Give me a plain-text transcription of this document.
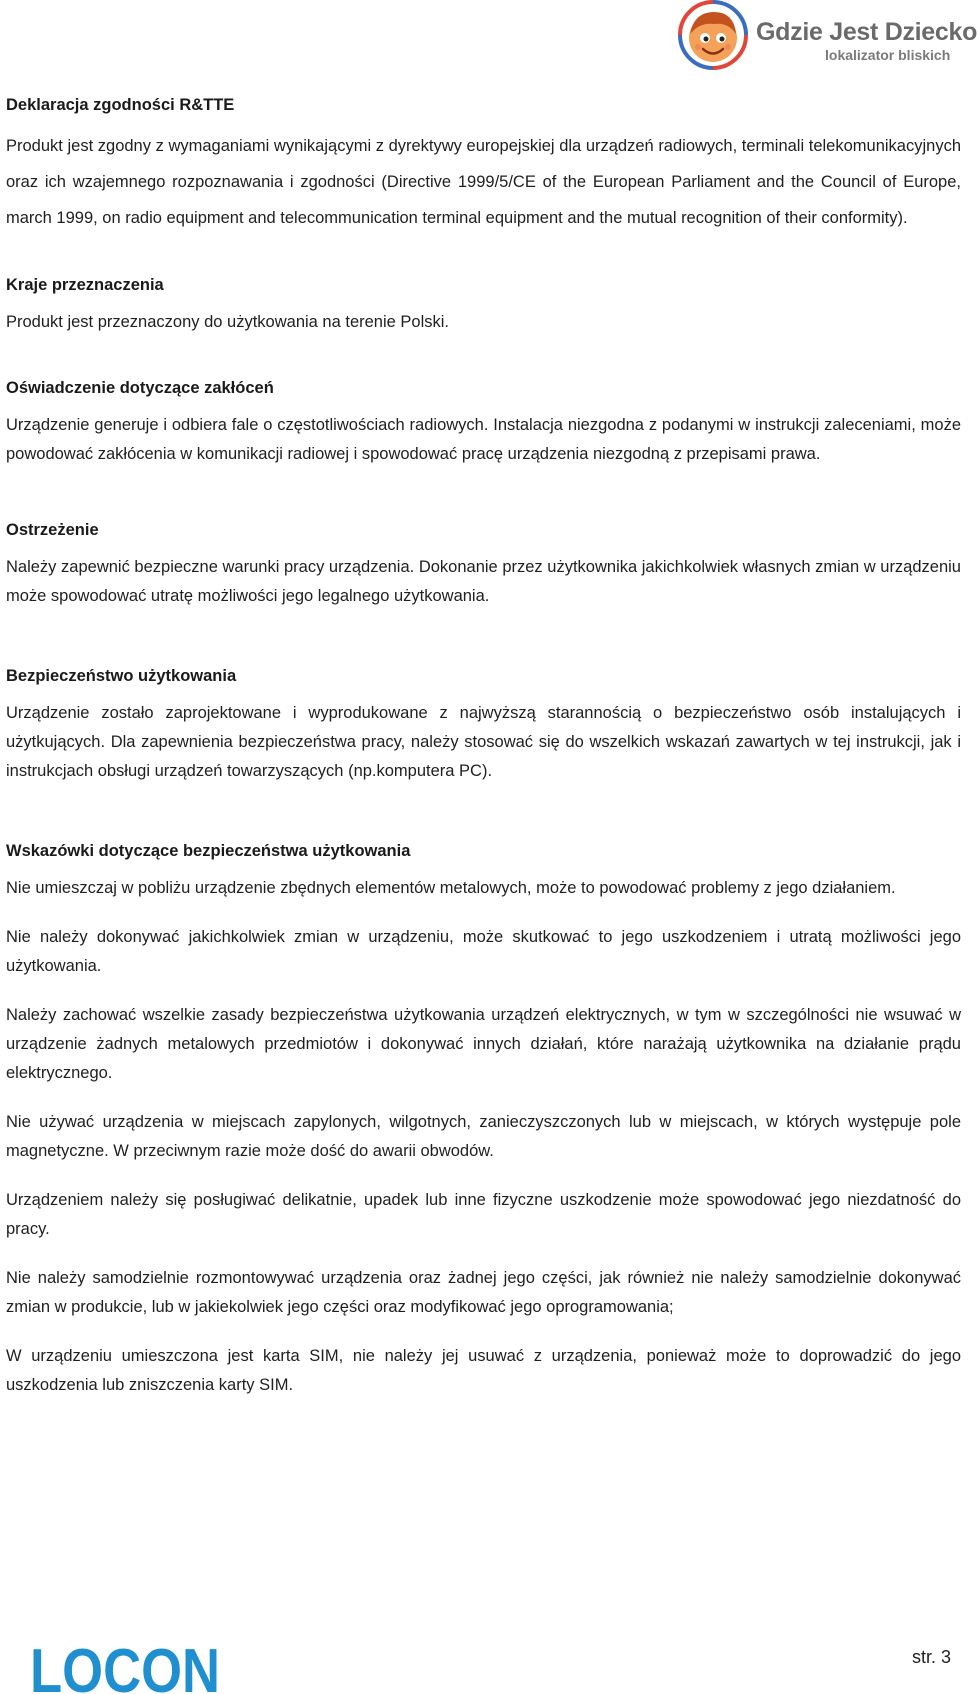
Gdzie Jest Dziecko
lokalizator bliskich

Deklaracja zgodności R&TTE

Produkt jest zgodny z wymaganiami wynikającymi z dyrektywy europejskiej dla urządzeń radiowych, terminali telekomunikacyjnych oraz ich wzajemnego rozpoznawania i zgodności (Directive 1999/5/CE of the European Parliament and the Council of Europe, march 1999, on radio equipment and telecommunication terminal equipment and the mutual recognition of their conformity).

Kraje przeznaczenia

Produkt jest przeznaczony do użytkowania na terenie Polski.

Oświadczenie dotyczące zakłóceń

Urządzenie generuje i odbiera fale o częstotliwościach radiowych. Instalacja niezgodna z podanymi w instrukcji zaleceniami, może powodować zakłócenia w komunikacji radiowej i spowodować pracę urządzenia niezgodną z przepisami prawa.

Ostrzeżenie

Należy zapewnić bezpieczne warunki pracy urządzenia. Dokonanie przez użytkownika jakichkolwiek własnych zmian w urządzeniu może spowodować utratę możliwości jego legalnego użytkowania.

Bezpieczeństwo użytkowania

Urządzenie zostało zaprojektowane i wyprodukowane z najwyższą starannością o bezpieczeństwo osób instalujących i użytkujących. Dla zapewnienia bezpieczeństwa pracy, należy stosować się do wszelkich wskazań zawartych w tej instrukcji, jak i instrukcjach obsługi urządzeń towarzyszących (np.komputera PC).

Wskazówki dotyczące bezpieczeństwa użytkowania

Nie umieszczaj w pobliżu urządzenie zbędnych elementów metalowych, może to powodować problemy z jego działaniem.

Nie należy dokonywać jakichkolwiek zmian w urządzeniu, może skutkować to jego uszkodzeniem i utratą możliwości jego użytkowania.

Należy zachować wszelkie zasady bezpieczeństwa użytkowania urządzeń elektrycznych, w tym w szczególności nie wsuwać w urządzenie żadnych metalowych przedmiotów i dokonywać innych działań, które narażają użytkownika na działanie prądu elektrycznego.

Nie używać urządzenia w miejscach zapylonych, wilgotnych, zanieczyszczonych lub w miejscach, w których występuje pole magnetyczne. W przeciwnym razie może dość do awarii obwodów.

Urządzeniem należy się posługiwać delikatnie, upadek lub inne fizyczne uszkodzenie może spowodować jego niezdatność do pracy.

Nie należy samodzielnie rozmontowywać urządzenia oraz żadnej jego części, jak również nie należy samodzielnie dokonywać zmian w produkcie, lub w jakiekolwiek jego części oraz modyfikować jego oprogramowania;

W urządzeniu umieszczona jest karta SIM, nie należy jej usuwać z urządzenia, ponieważ może to doprowadzić do jego uszkodzenia lub zniszczenia karty SIM.

str. 3
LOCON
